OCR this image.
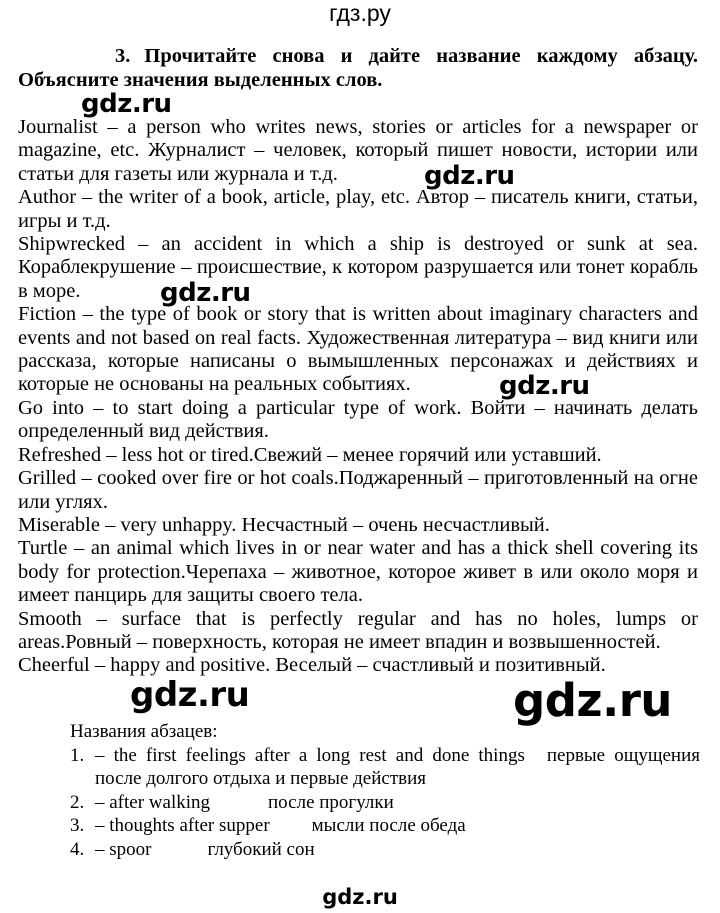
гдз.ру
3. Прочитайте снова и дайте название каждому абзацу. Объясните значения выделенных слов.

Journalist – a person who writes news, stories or articles for a newspaper or magazine, etc. Журналист – человек, который пишет новости, истории или статьи для газеты или журнала и т.д.

Author – the writer of a book, article, play, etc. Автор – писатель книги, статьи, игры и т.д.

Shipwrecked – an accident in which a ship is destroyed or sunk at sea. Кораблекрушение – происшествие, к котором разрушается или тонет корабль в море.

Fiction – the type of book or story that is written about imaginary characters and events and not based on real facts. Художественная литература – вид книги или рассказа, которые написаны о вымышленных персонажах и действиях и которые не основаны на реальных событиях.

Go into – to start doing a particular type of work. Войти – начинать делать определенный вид действия.

Refreshed – less hot or tired.Свежий – менее горячий или уставший.

Grilled – cooked over fire or hot coals.Поджаренный – приготовленный на огне или углях.

Miserable – very unhappy. Несчастный – очень несчастливый.

Turtle – an animal which lives in or near water and has a thick shell covering its body for protection.Черепаха – животное, которое живет в или около моря и имеет панцирь для защиты своего тела.

Smooth – surface that is perfectly regular and has no holes, lumps or areas.Ровный – поверхность, которая не имеет впадин и возвышенностей.

Cheerful – happy and positive. Веселый – счастливый и позитивный.

Названия абзацев:

1. – the first feelings after a long rest and done things первые ощущения после долгого отдыха и первые действия
2. – after walking	после прогулки
3. – thoughts after supper мысли после обеда
4. – spoor	глубокий сон
gdz.ru
gdz.ru
gdz.ru
gdz.ru
gdz.ru	gdz.ru
gdz.ru
